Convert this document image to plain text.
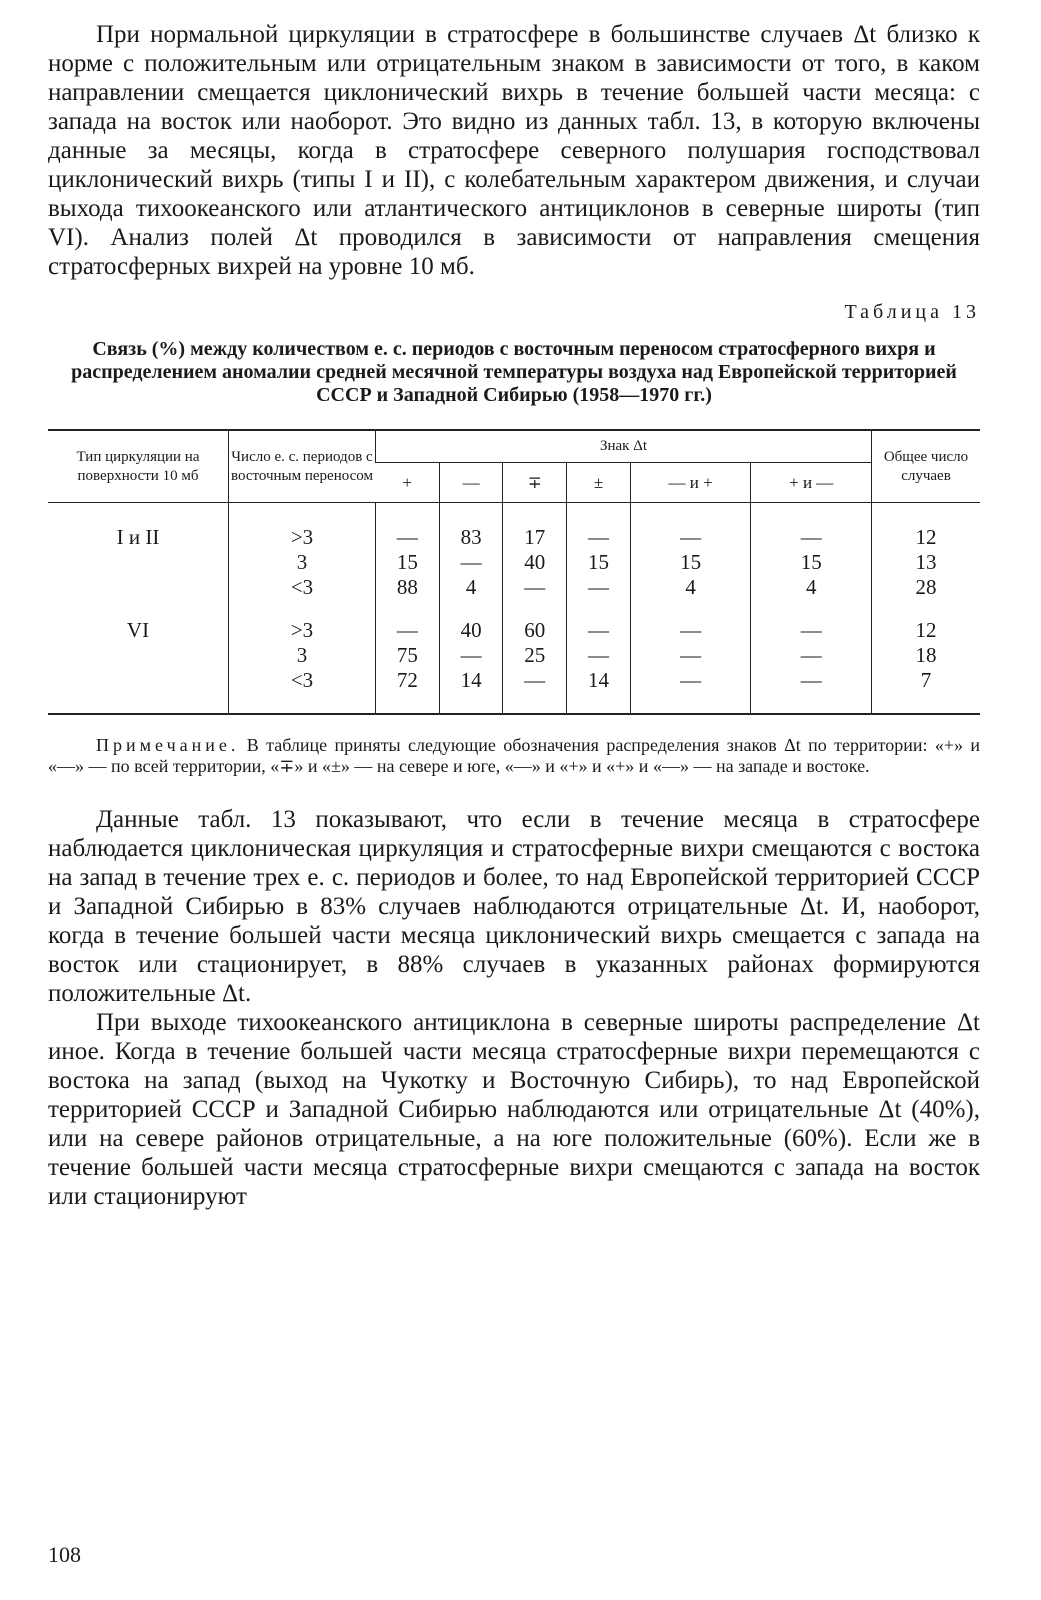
При нормальной циркуляции в стратосфере в большинстве случаев Δt близко к норме с положительным или отрицательным знаком в зависимости от того, в каком направлении смещается циклонический вихрь в течение большей части месяца: с запада на восток или наоборот. Это видно из данных табл. 13, в которую включены данные за месяцы, когда в стратосфере северного полушария господствовал циклонический вихрь (типы I и II), с колебательным характером движения, и случаи выхода тихоокеанского или атлантического антициклонов в северные широты (тип VI). Анализ полей Δt проводился в зависимости от направления смещения стратосферных вихрей на уровне 10 мб.

Таблица 13

Связь (%) между количеством е. с. периодов с восточным переносом стратосферного вихря и распределением аномалии средней месячной температуры воздуха над Европейской территорией СССР и Западной Сибирью (1958—1970 гг.)

Тип циркуляции на поверхности 10 мб	Число е. с. периодов с восточным переносом	Знак Δt						Общее число случаев
		+	—	∓	±	— и +	+ и —	
I и II	>3	—	83	17	—	—	—	12
	3	15	—	40	15	15	15	13
	<3	88	4	—	—	4	4	28
VI	>3	—	40	60	—	—	—	12
	3	75	—	25	—	—	—	18
	<3	72	14	—	14	—	—	7

Примечание. В таблице приняты следующие обозначения распределения знаков Δt по территории: «+» и «—» — по всей территории, «∓» и «±» — на севере и юге, «—» и «+» и «+» и «—» — на западе и востоке.

Данные табл. 13 показывают, что если в течение месяца в стратосфере наблюдается циклоническая циркуляция и стратосферные вихри смещаются с востока на запад в течение трех е. с. периодов и более, то над Европейской территорией СССР и Западной Сибирью в 83% случаев наблюдаются отрицательные Δt. И, наоборот, когда в течение большей части месяца циклонический вихрь смещается с запада на восток или стационирует, в 88% случаев в указанных районах формируются положительные Δt.

При выходе тихоокеанского антициклона в северные широты распределение Δt иное. Когда в течение большей части месяца стратосферные вихри перемещаются с востока на запад (выход на Чукотку и Восточную Сибирь), то над Европейской территорией СССР и Западной Сибирью наблюдаются или отрицательные Δt (40%), или на севере районов отрицательные, а на юге положительные (60%). Если же в течение большей части месяца стратосферные вихри смещаются с запада на восток или стационируют

108
